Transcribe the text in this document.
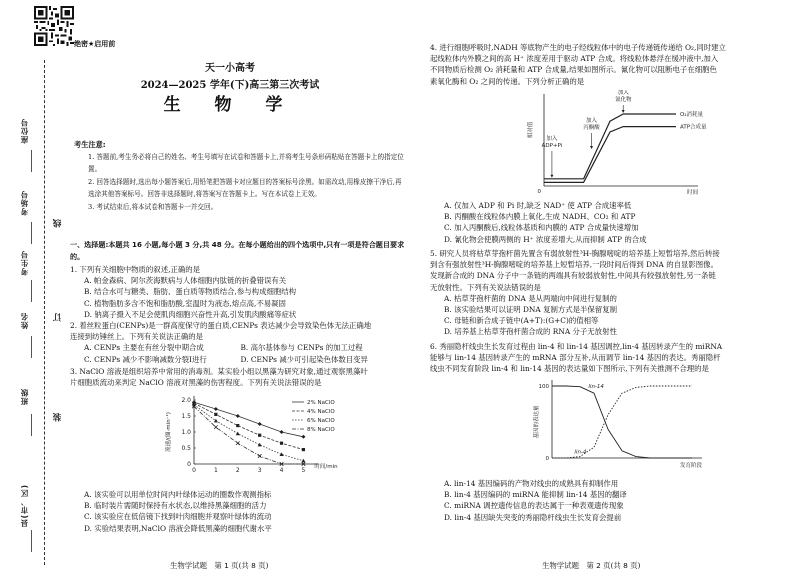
座位号
考场号
考生号
姓名
班级
县(市、区)
线
订
装
绝密★启用前
天一小高考
2024—2025 学年(下)高三第三次考试
生 物 学
考生注意:

1. 答题前,考生务必将自己的姓名、考生号填写在试卷和答题卡上,并将考生号条形码粘贴在答题卡上的指定位置。

2. 回答选择题时,选出每小题答案后,用铅笔把答题卡对应题目的答案标号涂黑。如需改动,用橡皮擦干净后,再选涂其他答案标号。回答非选择题时,将答案写在答题卡上。写在本试卷上无效。

3. 考试结束后,将本试卷和答题卡一并交回。

一、选择题:本题共 16 小题,每小题 3 分,共 48 分。在每小题给出的四个选项中,只有一项是符合题目要求的。

1. 下列有关细胞中物质的叙述,正确的是

A. 帕金森病、阿尔茨海默病与人体细胞内肽链的折叠错误有关

B. 结合水可与糖类、脂肪、蛋白质等物质结合,参与构成细胞结构

C. 植物脂肪多含不饱和脂肪酸,室温时为液态,熔点高,不易凝固

D. 钠离子摄入不足会使肌肉细胞兴奋性升高,引发肌肉酸痛等症状

2. 着丝粒蛋白(CENPs)是一群高度保守的蛋白质,CENPs 表达减少会导致染色体无法正确地

连接到纺锤丝上。下列有关说法正确的是

A. CENPs 主要在有丝分裂中期合成	B. 高尔基体参与 CENPs 的加工过程
C. CENPs 减少不影响减数分裂Ⅰ进行	D. CENPs 减少可引起染色体数目变异

3. NaClO 溶液是组织培养中常用的消毒剂。某实验小组以黑藻为研究对象,通过观察黑藻叶

片细胞质流动来判定 NaClO 溶液对黑藻的伤害程度。下列有关说法错误的是

0	1	2	3	4	5
0
0.5
1.0
1.5
2.0
时间/min
流速/(圈·min⁻¹)
2% NaClO
4% NaClO
6% NaClO
8% NaClO

A. 该实验可以用单位时间内叶绿体运动的圈数作观测指标

B. 临时装片需随时保持有水状态,以维持黑藻细胞的活力

C. 该实验应在低倍镜下找到叶肉细胞并观察叶绿体的流动

D. 实验结果表明,NaClO 溶液会降低黑藻的细胞代谢水平

生物学试题　第 1 页(共 8 页)

4. 进行细胞呼吸时,NADH 等底物产生的电子经线粒体中的电子传递链传递给 O₂,同时建立

起线粒体内外膜之间的高 H⁺ 浓度差用于驱动 ATP 合成。将线粒体悬浮在缓冲液中,加入

不同物质后检测 O₂ 消耗量和 ATP 合成量,结果如图所示。氰化物可以阻断电子在细胞色

素氧化酶和 O₂ 之间的传递。下列分析正确的是

0	时间
相对值
O₂消耗量
ATP合成量
加入
ADP+Pi
加入
丙酮酸
加入
氰化物

A. 仅加入 ADP 和 Pi 时,缺乏 NAD⁺ 使 ATP 合成速率低

B. 丙酮酸在线粒体内膜上氧化,生成 NADH、CO₂ 和 ATP

C. 加入丙酮酸后,线粒体基质和内膜的 ATP 合成量快速增加

D. 氰化物会使膜两侧的 H⁺ 浓度差增大,从而抑制 ATP 的合成

5. 研究人员将枯草芽孢杆菌先置含有弱放射性³H-胸腺嘧啶的培养基上短暂培养,然后转接

到含有强放射性³H-胸腺嘧啶的培养基上短暂培养,一段时间后得到 DNA 的自显影图像。

发现新合成的 DNA 分子中一条链的两端具有较弱放射性,中间具有较强放射性,另一条链

无放射性。下列有关说法错误的是

A. 枯草芽孢杆菌的 DNA 是从两端向中间进行复制的

B. 该实验结果可以证明 DNA 复制方式是半保留复制

C. 母链和新合成子链中(A+T):(G+C)的值相等

D. 培养基上枯草芽孢杆菌合成的 RNA 分子无放射性

6. 秀丽隐杆线虫生长发育过程由 lin-4 和 lin-14 基因调控,lin-4 基因转录产生的 miRNA

能够与 lin-14 基因转录产生的 mRNA 部分互补,从而调节 lin-14 基因的表达。秀丽隐杆

线虫不同发育阶段 lin-4 和 lin-14 基因的表达量如下图所示,下列有关推测不合理的是

100
0
发育阶段
基因的表达量
lin-14
lin-4

A. lin-14 基因编码的产物对线虫的成熟具有抑制作用

B. lin-4 基因编码的 miRNA 能抑制 lin-14 基因的翻译

C. miRNA 调控遗传信息的表达属于一种表观遗传现象

D. lin-4 基因缺失突变的秀丽隐杆线虫生长发育会提前

生物学试题　第 2 页(共 8 页)
